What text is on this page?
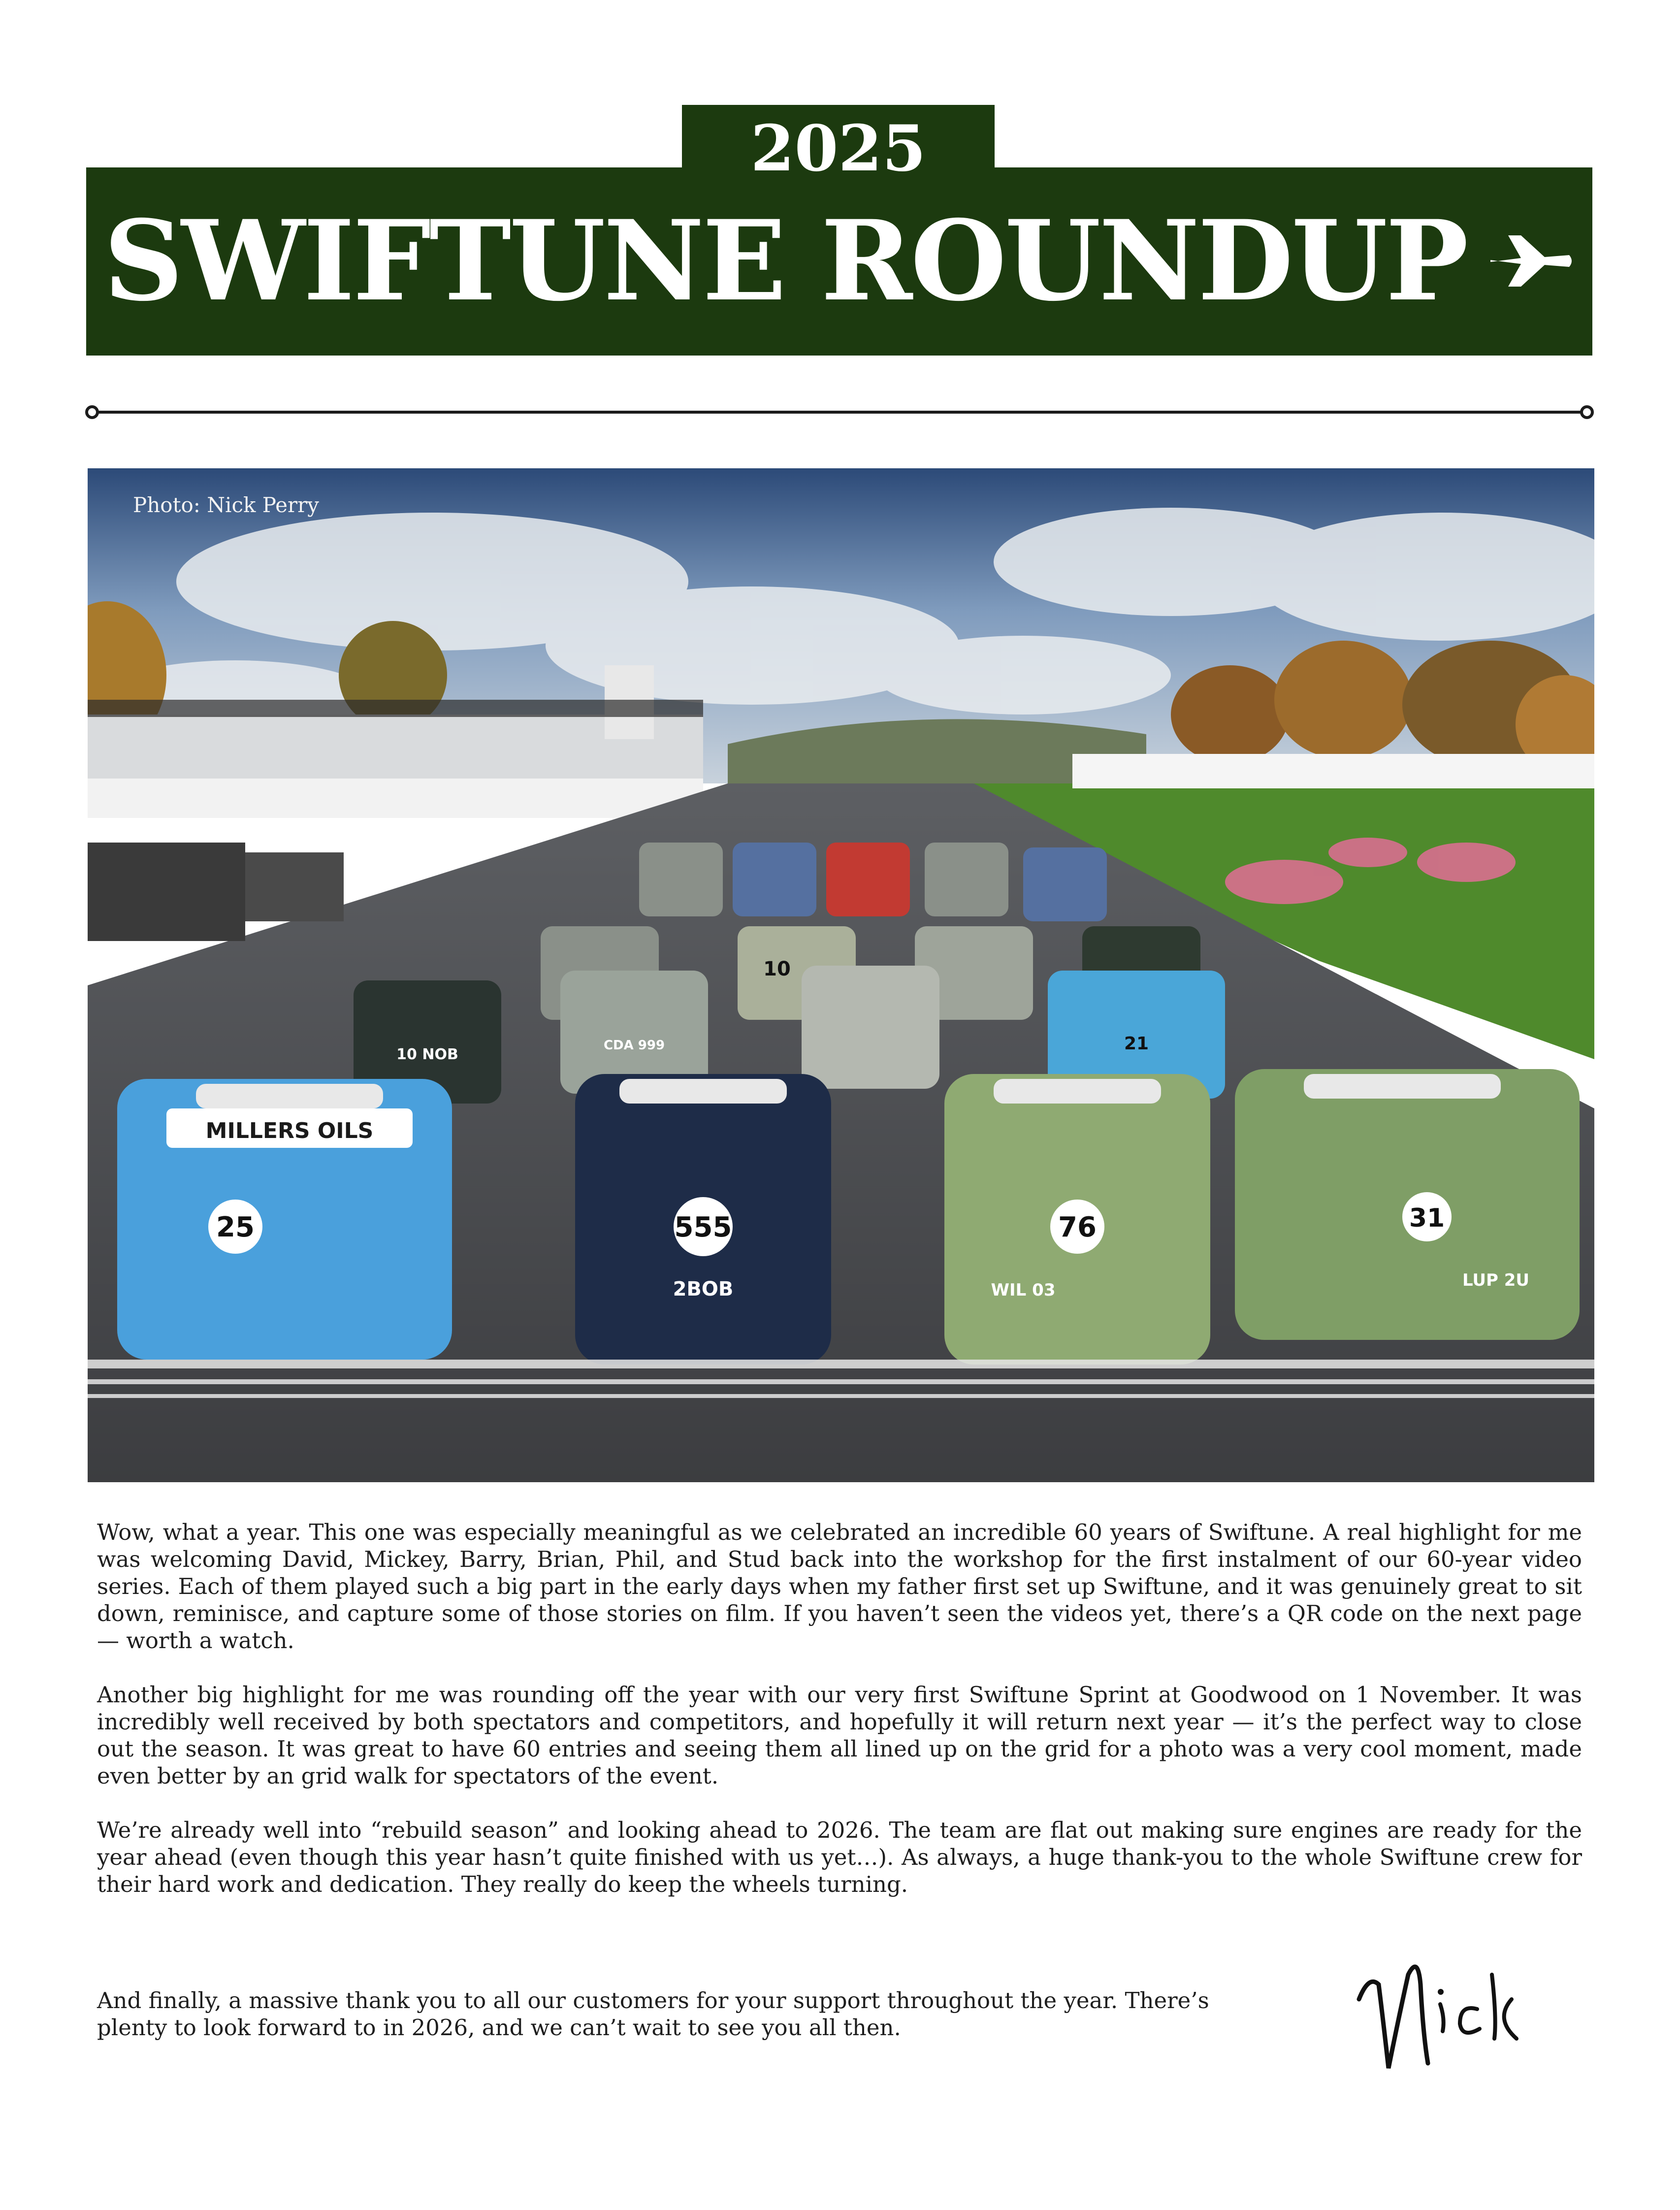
2025
SWIFTUNE ROUNDUP
MILLERS OILS
25	555
2BOB
76
WIL 03
31
LUP 2U
10 NOB
21
10
CDA 999
Photo: Nick Perry

Wow, what a year. This one was especially meaningful as we celebrated an incredible 60 years of Swiftune. A real highlight for me was welcoming David, Mickey, Barry, Brian, Phil, and Stud back into the workshop for the first instalment of our 60-year video series. Each of them played such a big part in the early days when my father first set up Swiftune, and it was genuinely great to sit down, reminisce, and capture some of those stories on film. If you haven’t seen the videos yet, there’s a QR code on the next page — worth a watch.

Another big highlight for me was rounding off the year with our very first Swiftune Sprint at Goodwood on 1 November. It was incredibly well received by both spectators and competitors, and hopefully it will return next year — it’s the perfect way to close out the season. It was great to have 60 entries and seeing them all lined up on the grid for a photo was a very cool moment, made even better by an grid walk for spectators of the event.

We’re already well into “rebuild season” and looking ahead to 2026. The team are flat out making sure engines are ready for the year ahead (even though this year hasn’t quite finished with us yet…). As always, a huge thank-you to the whole Swiftune crew for their hard work and dedication. They really do keep the wheels turning.

And finally, a massive thank you to all our customers for your support throughout the year. There’s plenty to look forward to in 2026, and we can’t wait to see you all then.
